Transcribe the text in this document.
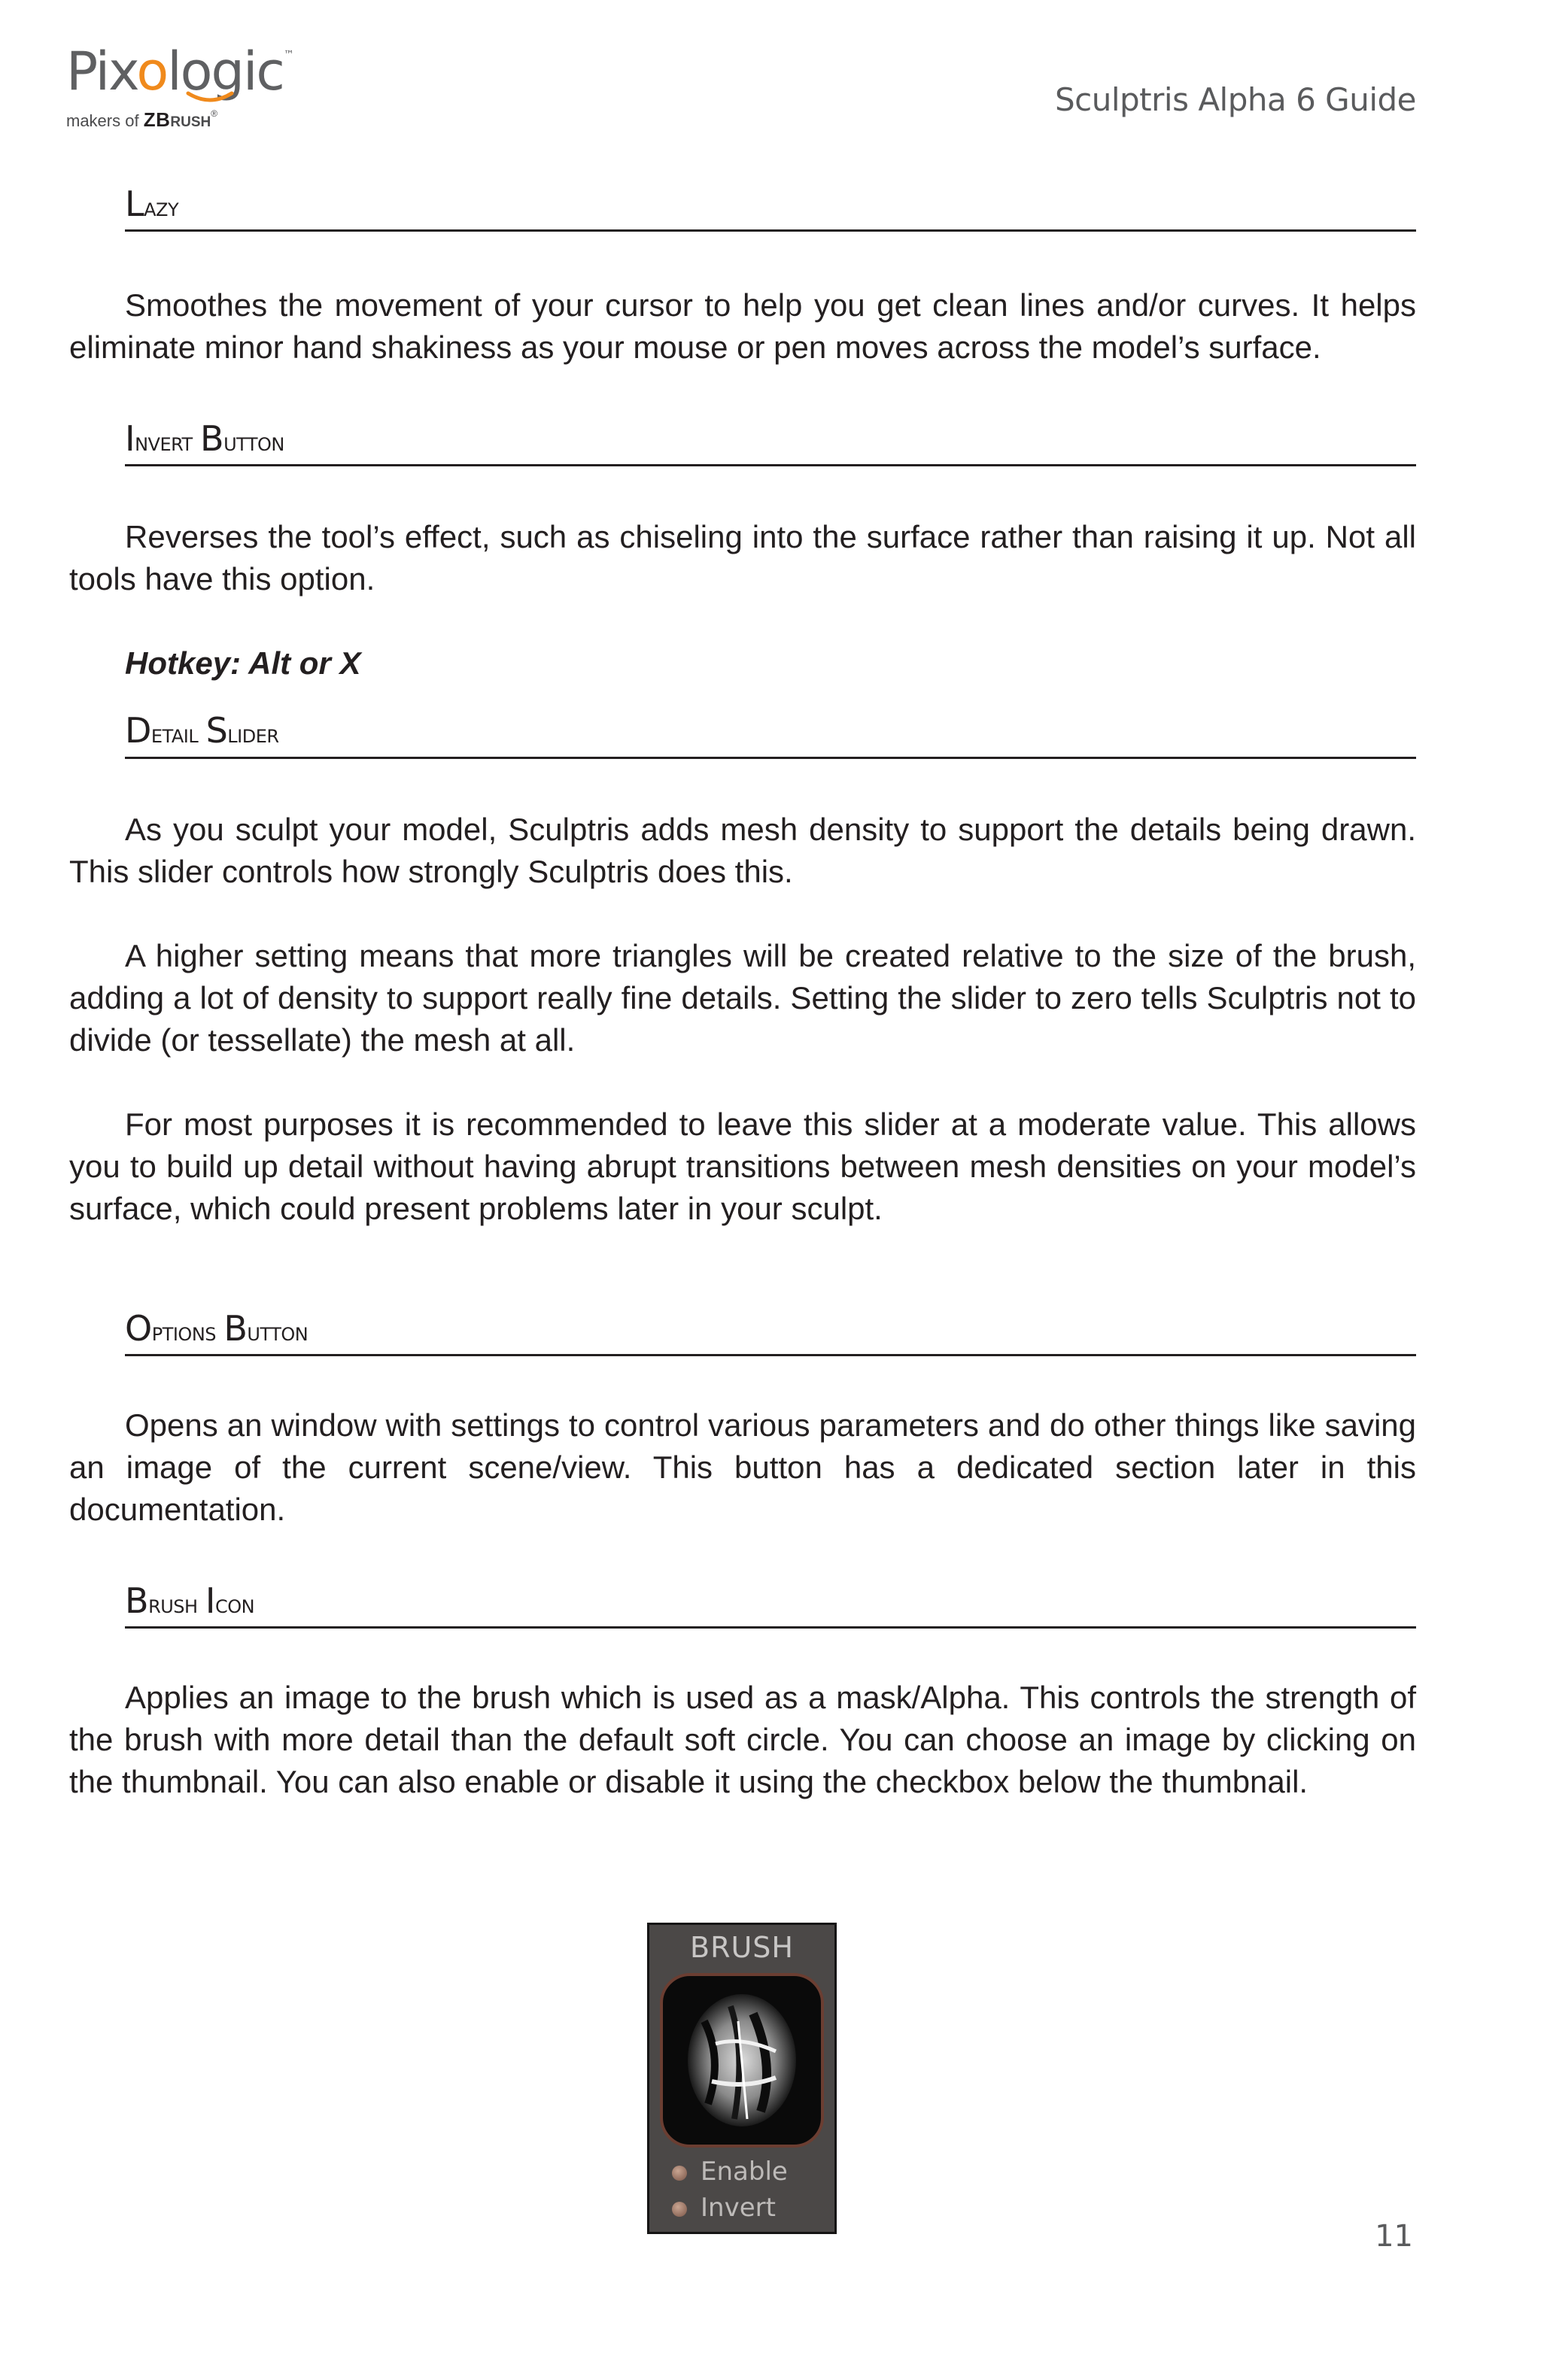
Pixologic™
makers of ZBRUSH®	Sculptris Alpha 6 Guide
Lazy

Smoothes the movement of your cursor to help you get clean lines and/or curves. It helps eliminate minor hand shakiness as your mouse or pen moves across the model’s surface.

Invert Button

Reverses the tool’s effect, such as chiseling into the surface rather than raising it up. Not all tools have this option.

Hotkey: Alt or X
Detail Slider

As you sculpt your model, Sculptris adds mesh density to support the details being drawn. This slider controls how strongly Sculptris does this.

A higher setting means that more triangles will be created relative to the size of the brush, adding a lot of density to support really fine details. Setting the slider to zero tells Sculptris not to divide (or tessellate) the mesh at all.

For most purposes it is recommended to leave this slider at a moderate value. This allows you to build up detail without having abrupt transitions between mesh densities on your model’s surface, which could present problems later in your sculpt.

Options Button

Opens an window with settings to control various parameters and do other things like saving an image of the current scene/view. This button has a dedicated section later in this documentation.

Brush Icon

Applies an image to the brush which is used as a mask/Alpha. This controls the strength of the brush with more detail than the default soft circle. You can choose an image by clicking on the thumbnail. You can also enable or disable it using the checkbox below the thumbnail.

BRUSH
Enable
Invert
11
